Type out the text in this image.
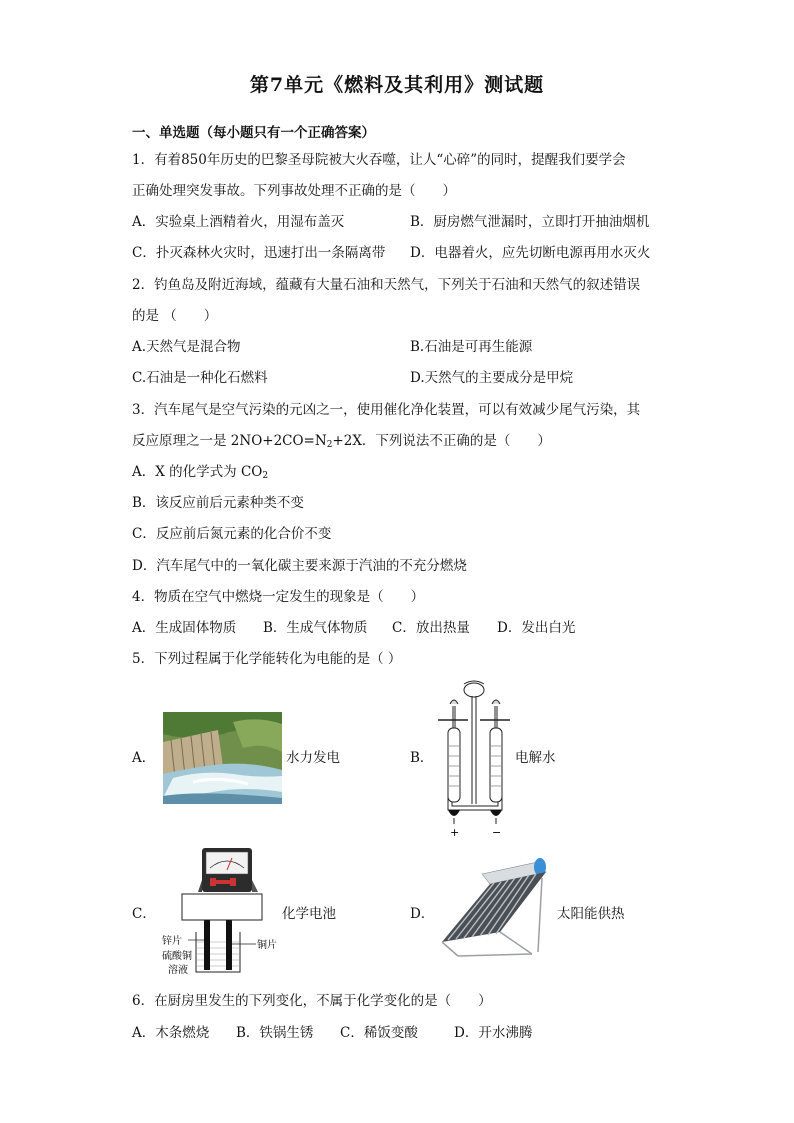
第7单元《燃料及其利用》测试题
一、单选题（每小题只有一个正确答案）
1．有着850年历史的巴黎圣母院被大火吞噬，让人“心碎”的同时，提醒我们要学会
正确处理突发事故。下列事故处理不正确的是（　　）
A．实验桌上酒精着火，用湿布盖灭	B．厨房燃气泄漏时，立即打开抽油烟机
C．扑灭森林火灾时，迅速打出一条隔离带 D．电器着火，应先切断电源再用水灭火
2．钓鱼岛及附近海域，蕴藏有大量石油和天然气，下列关于石油和天然气的叙述错误
的是 （　　）
A.天然气是混合物	B.石油是可再生能源
C.石油是一种化石燃料	D.天然气的主要成分是甲烷
3．汽车尾气是空气污染的元凶之一，使用催化净化装置，可以有效减少尾气污染，其
反应原理之一是 $2NO+2CO=N_2+2X$．下列说法不正确的是（　　）
A．X 的化学式为 $CO_2$
B．该反应前后元素种类不变
C．反应前后氮元素的化合价不变
D．汽车尾气中的一氧化碳主要来源于汽油的不充分燃烧
4．物质在空气中燃烧一定发生的现象是（　　）
A．生成固体物质 B．生成气体物质 C．放出热量 D．发出白光
5．下列过程属于化学能转化为电能的是（ ）
A．	水力发电	B．
+	−
电解水
C．
锌片	铜片
硫酸铜
溶液
化学电池	D．	太阳能供热
6．在厨房里发生的下列变化，不属于化学变化的是（　　）
A．木条燃烧 B．铁锅生锈 C．稀饭变酸	D．开水沸腾
